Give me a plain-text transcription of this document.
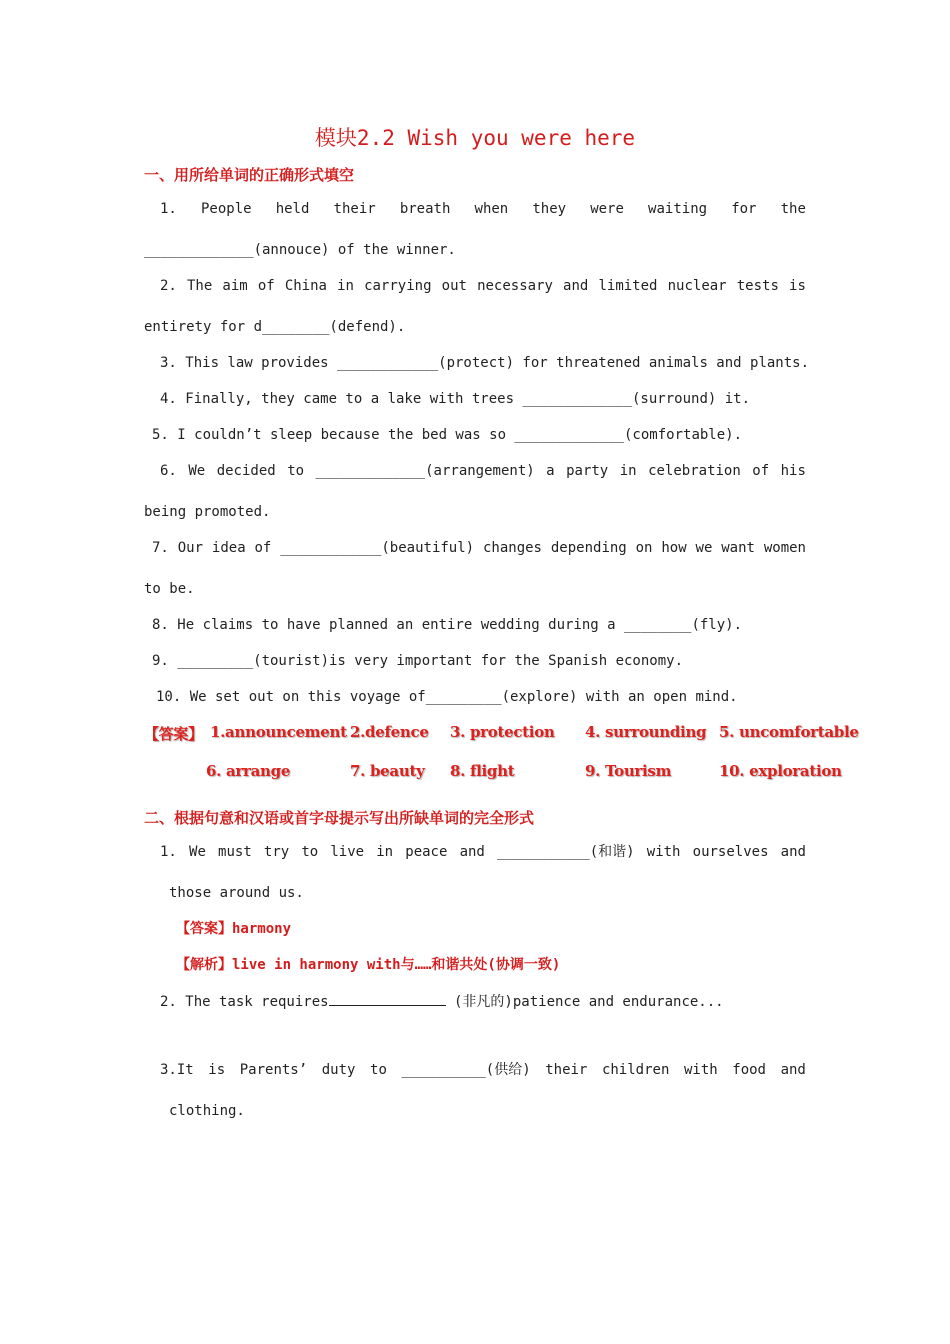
模块2.2 Wish you were here
一、用所给单词的正确形式填空
1. People held their breath when they were waiting for the
_____________(annouce) of the winner.
2. The aim of China in carrying out necessary and limited nuclear tests is
entirety for d________(defend).
3. This law provides ____________(protect) for threatened animals and plants.
4. Finally, they came to a lake with trees _____________(surround) it.
5. I couldn’t sleep because the bed was so _____________(comfortable).
6. We decided to _____________(arrangement) a party in celebration of his
being promoted.
7. Our idea of ____________(beautiful) changes depending on how we want women
to be.
8. He claims to have planned an entire wedding during a ________(fly).
9. _________(tourist)is very important for the Spanish economy.
10. We set out on this voyage of_________(explore) with an open mind.
【答案】 1.announcement 2.defence 3. protection 4. surrounding 5. uncomfortable
6. arrange	7. beauty 8. flight	9. Tourism	10. exploration
二、根据句意和汉语或首字母提示写出所缺单词的完全形式
1. We must try to live in peace and ___________(和谐) with ourselves and
those around us.
【答案】harmony
【解析】live in harmony with与……和谐共处(协调一致)
2. The task requires	(非凡的)patience and endurance...
3.It is Parents’ duty to __________(供给) their children with food and
clothing.
